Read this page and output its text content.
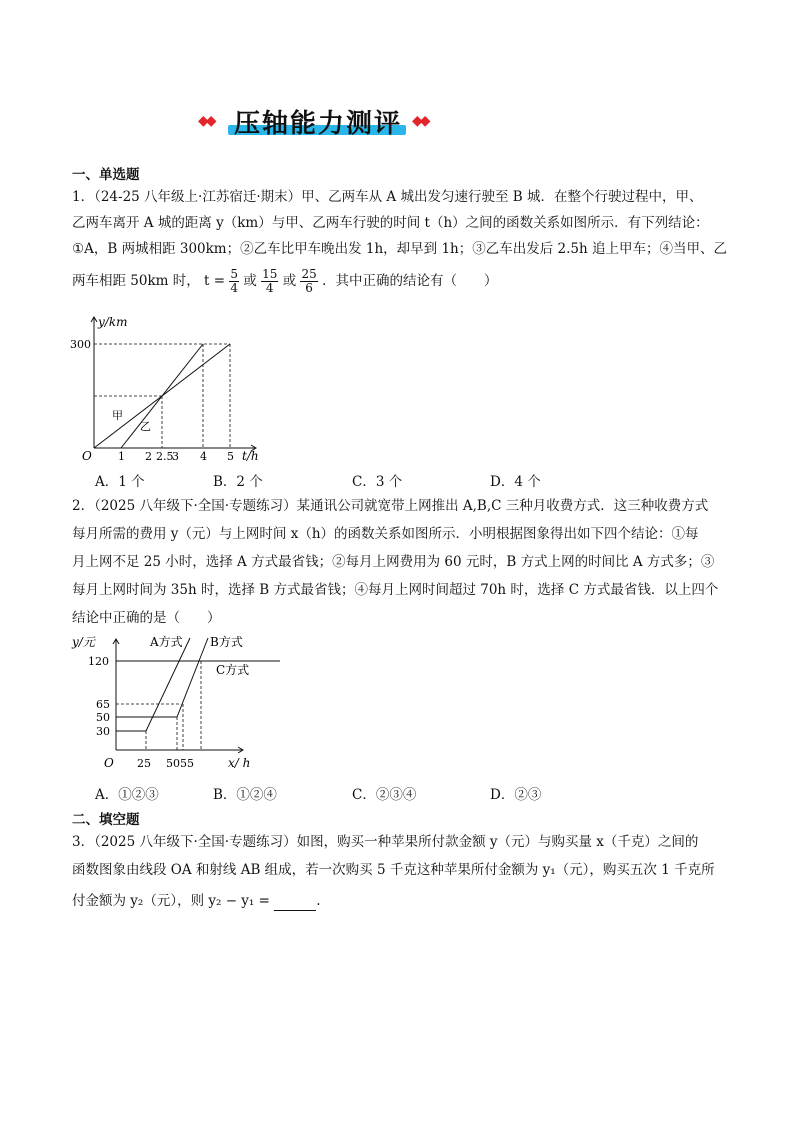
◆◆ 压轴能力测评 ◆◆
一、单选题
1．（24-25 八年级上·江苏宿迁·期末）甲、乙两车从 A 城出发匀速行驶至 B 城．在整个行驶过程中，甲、
乙两车离开 A 城的距离 y（km）与甲、乙两车行驶的时间 t（h）之间的函数关系如图所示．有下列结论：
①A，B 两城相距 300km；②乙车比甲车晚出发 1h，却早到 1h；③乙车出发后 2.5h 追上甲车；④当甲、乙
两车相距 50km 时， $t = \frac{5}{4}$ 或 $\frac{15}{4}$ 或 $\frac{25}{6}$ ．其中正确的结论有（　　）
y/km
300
O 1 2 2.5
3 4 5 t/h
甲
乙
A．1 个	B．2 个	C．3 个	D．4 个
2．（2025 八年级下·全国·专题练习）某通讯公司就宽带上网推出 A,B,C 三种月收费方式．这三种收费方式
每月所需的费用 y（元）与上网时间 x（h）的函数关系如图所示．小明根据图象得出如下四个结论：①每
月上网不足 25 小时，选择 A 方式最省钱；②每月上网费用为 60 元时，B 方式上网的时间比 A 方式多；③
每月上网时间为 35h 时，选择 B 方式最省钱；④每月上网时间超过 70h 时，选择 C 方式最省钱．以上四个
结论中正确的是（　　）
y/元
120
65
50
30
O 25 5055	x/ h
A方式 B方式
C方式
A．①②③	B．①②④	C．②③④	D．②③
二、填空题
3．（2025 八年级下·全国·专题练习）如图，购买一种苹果所付款金额 y（元）与购买量 x（千克）之间的
函数图象由线段 OA 和射线 AB 组成，若一次购买 5 千克这种苹果所付金额为 y₁（元），购买五次 1 千克所
付金额为 y₂（元），则 y₂ − y₁ =	.
